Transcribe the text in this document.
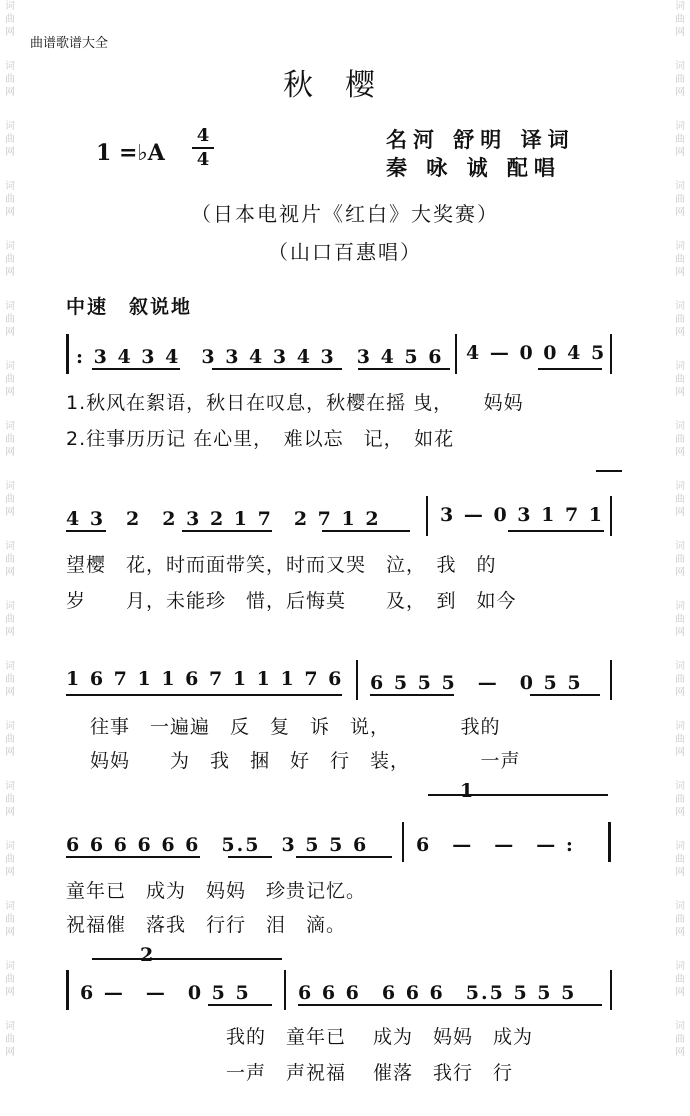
词
曲
网
词
曲
网
词
曲
网
词
曲
网
词
曲
网
词
曲
网
词
曲
网
词
曲
网
词
曲
网
词
曲
网
词
曲
网
词
曲
网
词
曲
网
词
曲
网
词
曲
网
词
曲
网
词
曲
网
词
曲
网
词
曲
网
词
曲
网
词
曲
网
词
曲
网
词
曲
网
词
曲
网
词
曲
网
词
曲
网
词
曲
网
词
曲
网
词
曲
网
词
曲
网
词
曲
网
词
曲
网
词
曲
网
词
曲
网
词
曲
网
词
曲
网
曲谱歌谱大全
秋樱
1 =♭A
4
4
名河 舒明 译词
秦 咏 诚 配唱
（日本电视片《红白》大奖赛）
（山口百惠唱）
中速　叙说地
: 3 4 3 4　3 3 4 3 4 3　3 4 5 6 4 — 0 0 4 5
1.秋风在絮语，秋日在叹息，秋樱在摇 曳，　　妈妈
2.往事历历记 在心里，　难以忘　记，　如花
4 3　2　2 3 2 1 7　2 7 1 2	3 — 0 3 1 7 1
望樱　花，时而面带笑，时而又哭　泣，　我　的
岁　　月，未能珍　惜，后悔莫　　及，　到　如今
1 6 7 1 1 6 7 1 1 1 7 6 6 5 5 5　—　0 5 5
往事　一遍遍　反　复　诉　说，　　　　我的
妈妈　　为　我　捆　好　行　装，　　　　一声
1
6 6 6 6 6 6　5.5　3 5 5 6	6　—　—　— :
童年已　成为　妈妈　珍贵记忆。
祝福催　落我　行行　泪　滴。
2
6 —　—　0 5 5 6 6 6　6 6 6　5.5 5 5 5
我的　童年已　 成为　妈妈　成为
一声　声祝福　 催落　我行　行
